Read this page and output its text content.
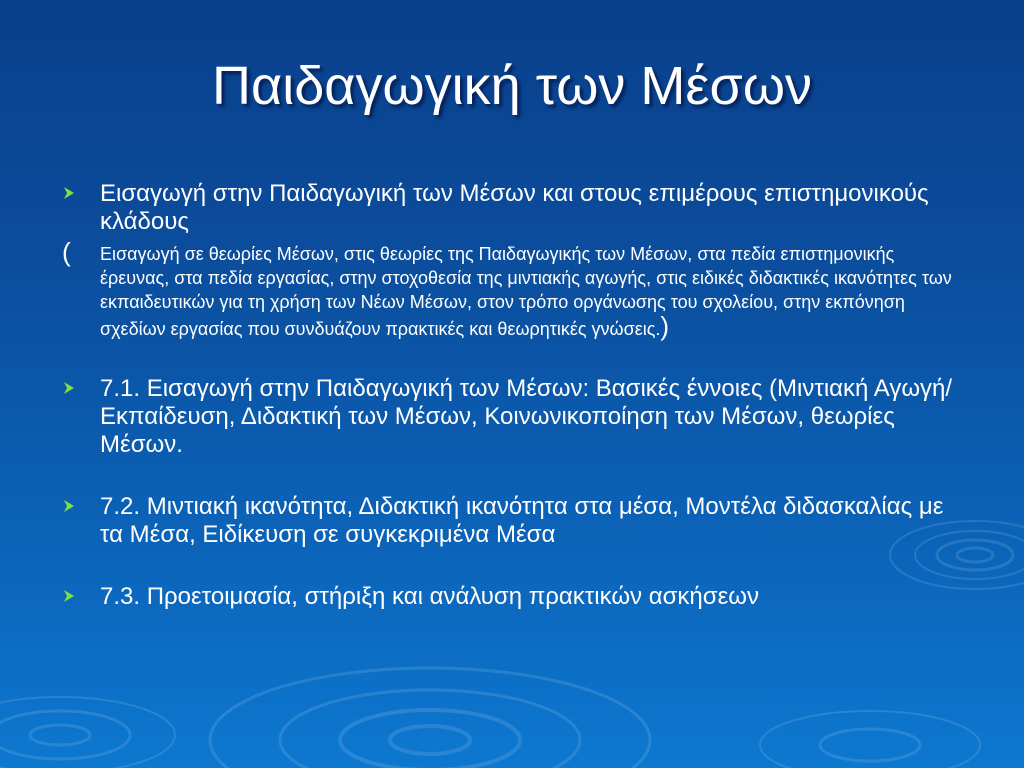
Παιδαγωγική των Μέσων
Εισαγωγή στην Παιδαγωγική των Μέσων και στους επιμέρους επιστημονικούς κλάδους
( Εισαγωγή σε θεωρίες Μέσων, στις θεωρίες της Παιδαγωγικής των Μέσων, στα πεδία επιστημονικής έρευνας, στα πεδία εργασίας, στην στοχοθεσία της μιντιακής αγωγής, στις ειδικές διδακτικές ικανότητες των εκπαιδευτικών για τη χρήση των Νέων Μέσων, στον τρόπο οργάνωσης του σχολείου, στην εκπόνηση σχεδίων εργασίας που συνδυάζουν πρακτικές και θεωρητικές γνώσεις.)
7.1. Εισαγωγή στην Παιδαγωγική των Μέσων: Βασικές έννοιες (Μιντιακή Αγωγή/Εκπαίδευση, Διδακτική των Μέσων, Κοινωνικοποίηση των Μέσων, θεωρίες Μέσων.
7.2. Μιντιακή ικανότητα, Διδακτική ικανότητα στα μέσα, Μοντέλα διδασκαλίας με τα Μέσα, Ειδίκευση σε συγκεκριμένα Μέσα
7.3. Προετοιμασία, στήριξη και ανάλυση πρακτικών ασκήσεων
